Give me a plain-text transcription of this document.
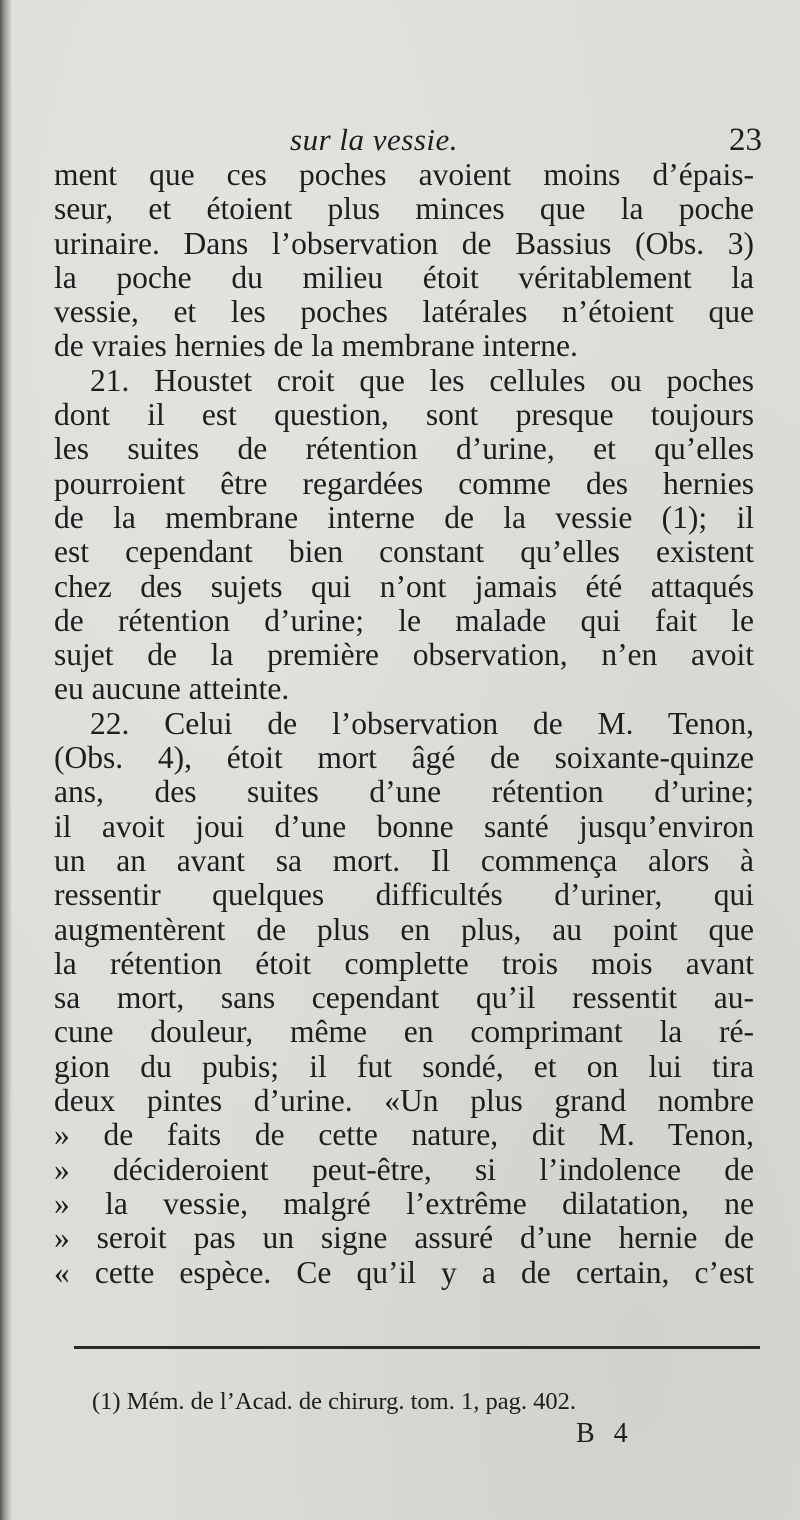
sur la vessie.	23
ment que ces poches avoient moins d’épais-
seur, et étoient plus minces que la poche
urinaire. Dans l’observation de Bassius (Obs. 3)
la poche du milieu étoit véritablement la
vessie, et les poches latérales n’étoient que
de vraies hernies de la membrane interne.
21. Houstet croit que les cellules ou poches
dont il est question, sont presque toujours
les suites de rétention d’urine, et qu’elles
pourroient être regardées comme des hernies
de la membrane interne de la vessie (1); il
est cependant bien constant qu’elles existent
chez des sujets qui n’ont jamais été attaqués
de rétention d’urine; le malade qui fait le
sujet de la première observation, n’en avoit
eu aucune atteinte.
22. Celui de l’observation de M. Tenon,
(Obs. 4), étoit mort âgé de soixante-quinze
ans, des suites d’une rétention d’urine;
il avoit joui d’une bonne santé jusqu’environ
un an avant sa mort. Il commença alors à
ressentir quelques difficultés d’uriner, qui
augmentèrent de plus en plus, au point que
la rétention étoit complette trois mois avant
sa mort, sans cependant qu’il ressentit au-
cune douleur, même en comprimant la ré-
gion du pubis; il fut sondé, et on lui tira
deux pintes d’urine. «Un plus grand nombre
» de faits de cette nature, dit M. Tenon,
» décideroient peut-être, si l’indolence de
» la vessie, malgré l’extrême dilatation, ne
» seroit pas un signe assuré d’une hernie de
« cette espèce. Ce qu’il y a de certain, c’est
(1) Mém. de l’Acad. de chirurg. tom. 1, pag. 402.
B 4
